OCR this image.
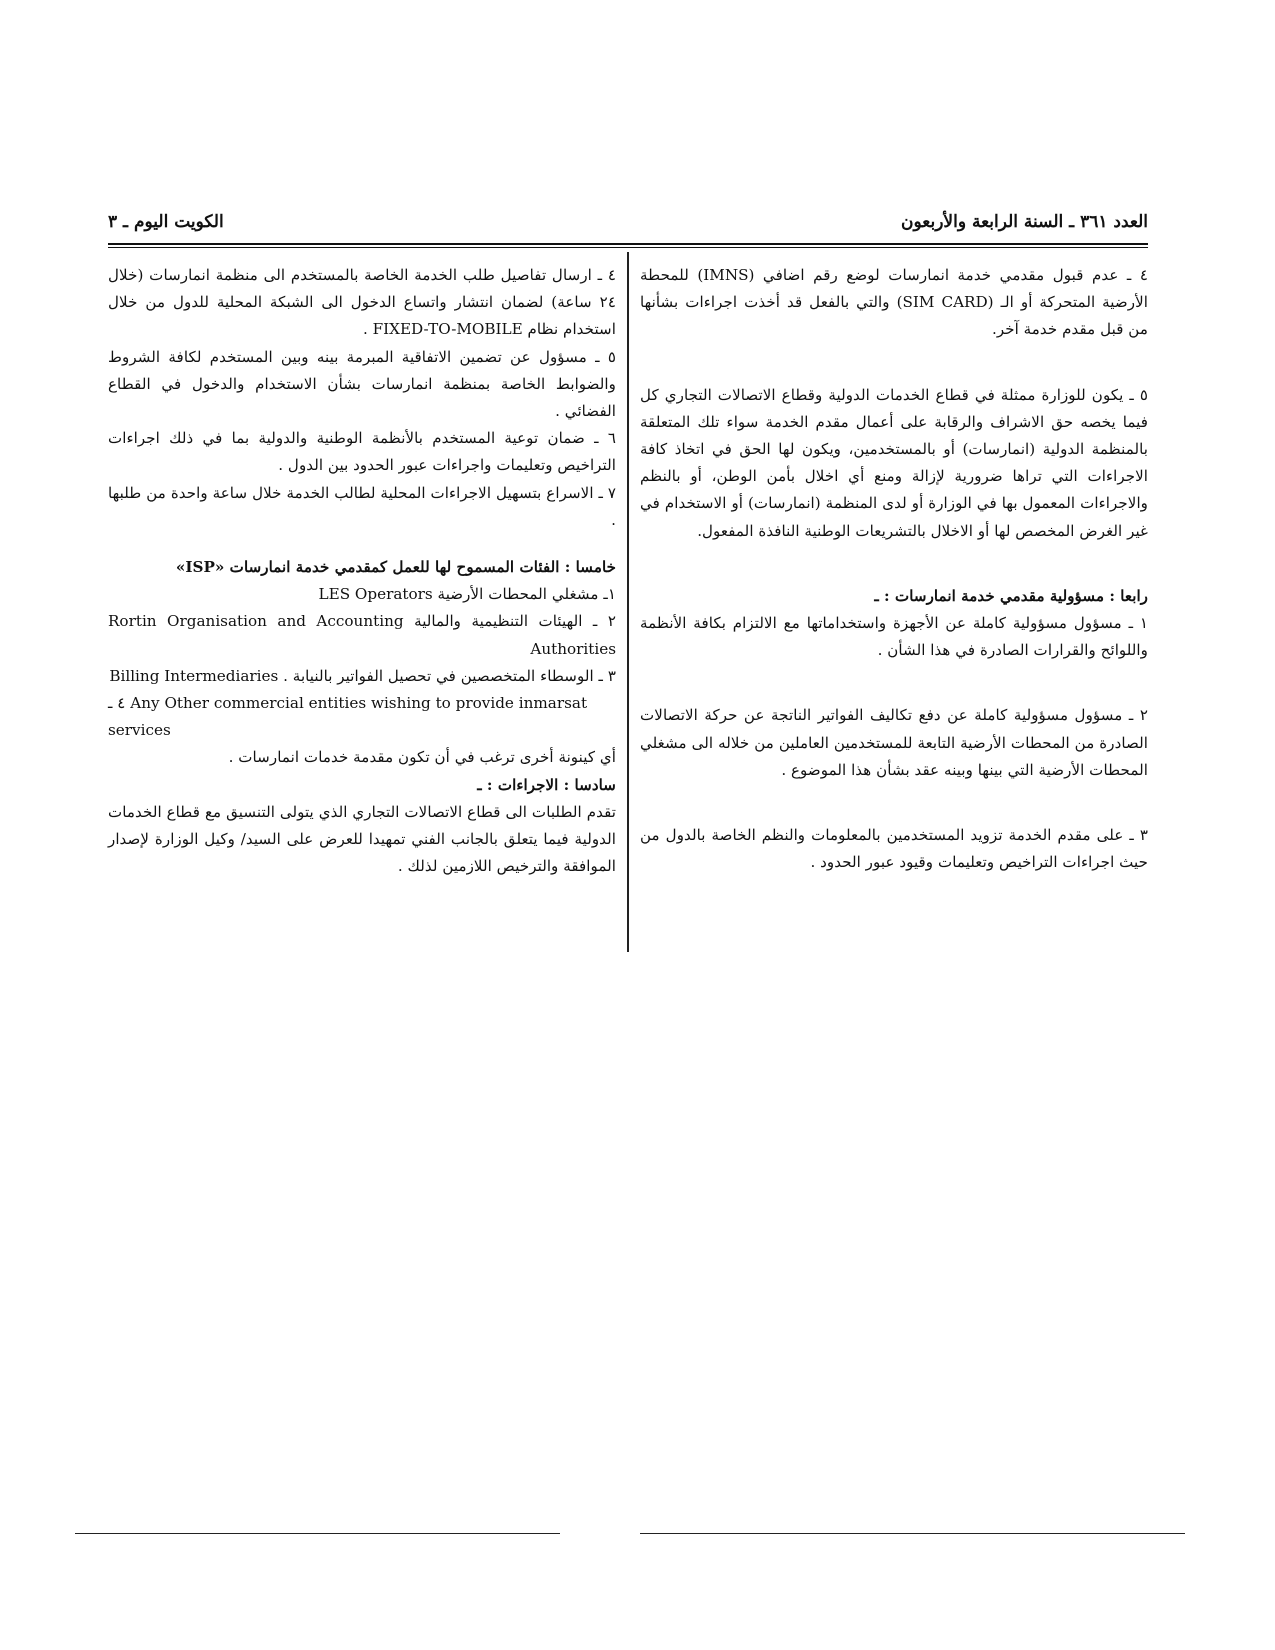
العدد ٣٦١ ـ السنة الرابعة والأربعون
الكويت اليوم ـ ٣

٤ ـ عدم قبول مقدمي خدمة انمارسات لوضع رقم اضافي (IMNS) للمحطة الأرضية المتحركة أو الـ (SIM CARD) والتي بالفعل قد أخذت اجراءات بشأنها من قبل مقدم خدمة آخر.

٥ ـ يكون للوزارة ممثلة في قطاع الخدمات الدولية وقطاع الاتصالات التجاري كل فيما يخصه حق الاشراف والرقابة على أعمال مقدم الخدمة سواء تلك المتعلقة بالمنظمة الدولية (انمارسات) أو بالمستخدمين، ويكون لها الحق في اتخاذ كافة الاجراءات التي تراها ضرورية لإزالة ومنع أي اخلال بأمن الوطن، أو بالنظم والاجراءات المعمول بها في الوزارة أو لدى المنظمة (انمارسات) أو الاستخدام في غير الغرض المخصص لها أو الاخلال بالتشريعات الوطنية النافذة المفعول.

رابعا : مسؤولية مقدمي خدمة انمارسات : ـ

١ ـ مسؤول مسؤولية كاملة عن الأجهزة واستخداماتها مع الالتزام بكافة الأنظمة واللوائح والقرارات الصادرة في هذا الشأن .

٢ ـ مسؤول مسؤولية كاملة عن دفع تكاليف الفواتير الناتجة عن حركة الاتصالات الصادرة من المحطات الأرضية التابعة للمستخدمين العاملين من خلاله الى مشغلي المحطات الأرضية التي بينها وبينه عقد بشأن هذا الموضوع .

٣ ـ على مقدم الخدمة تزويد المستخدمين بالمعلومات والنظم الخاصة بالدول من حيث اجراءات التراخيص وتعليمات وقيود عبور الحدود .

٤ ـ ارسال تفاصيل طلب الخدمة الخاصة بالمستخدم الى منظمة انمارسات (خلال ٢٤ ساعة) لضمان انتشار واتساع الدخول الى الشبكة المحلية للدول من خلال استخدام نظام FIXED-TO-MOBILE .

٥ ـ مسؤول عن تضمين الاتفاقية المبرمة بينه وبين المستخدم لكافة الشروط والضوابط الخاصة بمنظمة انمارسات بشأن الاستخدام والدخول في القطاع الفضائي .

٦ ـ ضمان توعية المستخدم بالأنظمة الوطنية والدولية بما في ذلك اجراءات التراخيص وتعليمات واجراءات عبور الحدود بين الدول .

٧ ـ الاسراع بتسهيل الاجراءات المحلية لطالب الخدمة خلال ساعة واحدة من طلبها .

خامسا : الفئات المسموح لها للعمل كمقدمي خدمة انمارسات «ISP»

١ـ مشغلي المحطات الأرضية LES Operators

٢ ـ الهيئات التنظيمية والمالية Rortin Organisation and Accounting Authorities

٣ ـ الوسطاء المتخصصين في تحصيل الفواتير بالنيابة Billing Intermediaries .

٤ ـ Any Other commercial entities wishing to provide inmarsat services

أي كينونة أخرى ترغب في أن تكون مقدمة خدمات انمارسات .

سادسا : الاجراءات : ـ

تقدم الطلبات الى قطاع الاتصالات التجاري الذي يتولى التنسيق مع قطاع الخدمات الدولية فيما يتعلق بالجانب الفني تمهيدا للعرض على السيد/ وكيل الوزارة لإصدار الموافقة والترخيص اللازمين لذلك .
